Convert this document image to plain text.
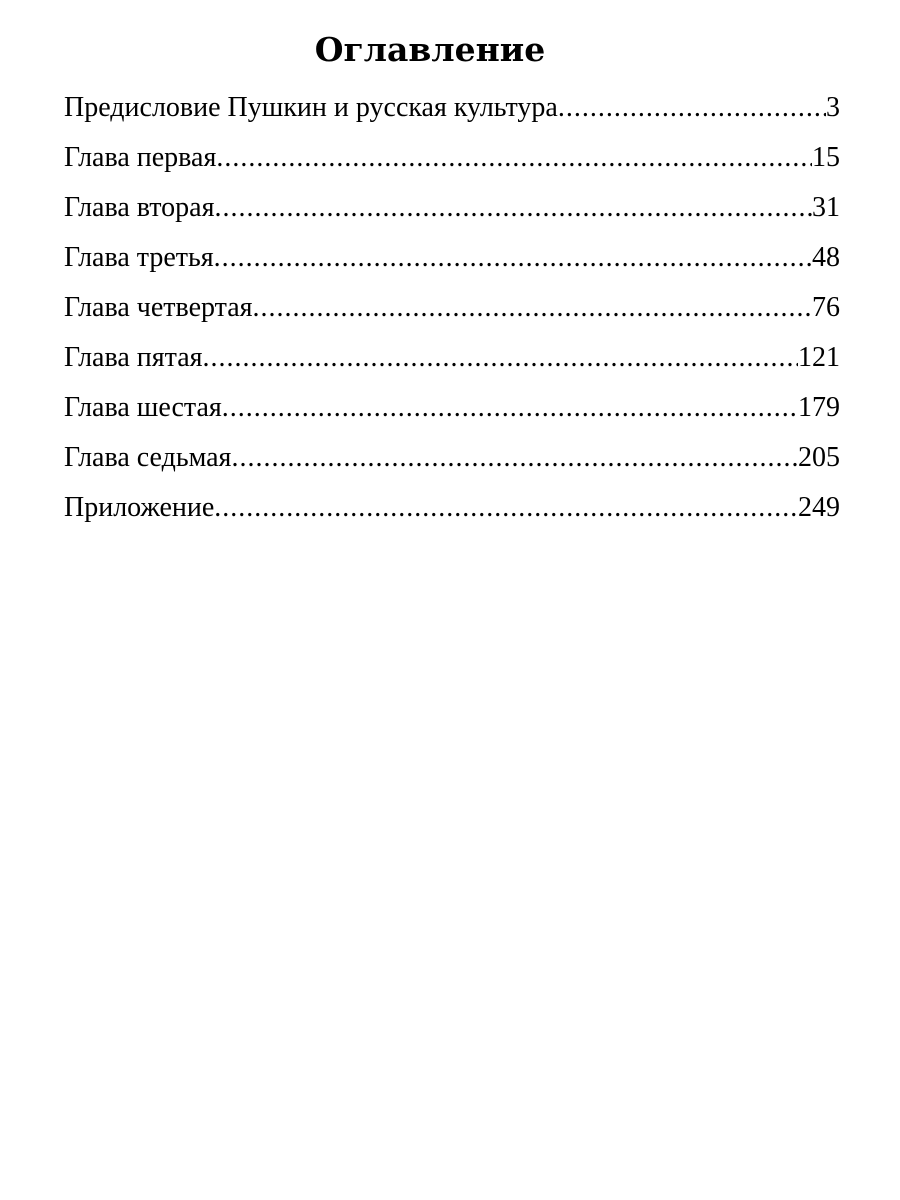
Оглавление
Предисловие Пушкин и русская культура .....	3
Глава первая .....	15
Глава вторая .....	31
Глава третья .....	48
Глава четвертая .....	76
Глава пятая .....	121
Глава шестая .....	179
Глава седьмая .....	205
Приложение .....	249
